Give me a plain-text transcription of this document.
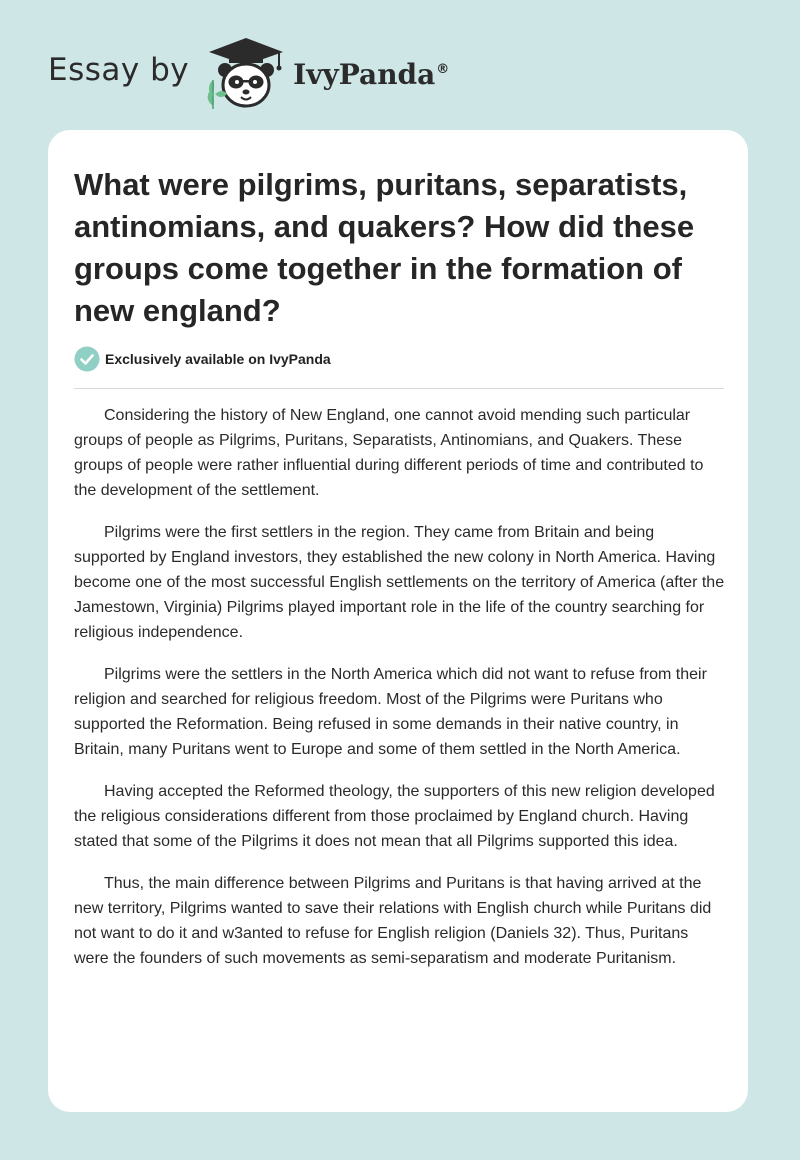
Essay by	IvyPanda®
What were pilgrims, puritans, separatists, antinomians, and quakers? How did these groups come together in the formation of new england?
Exclusively available on IvyPanda

Considering the history of New England, one cannot avoid mending such particular groups of people as Pilgrims, Puritans, Separatists, Antinomians, and Quakers. These groups of people were rather influential during different periods of time and contributed to the development of the settlement.

Pilgrims were the first settlers in the region. They came from Britain and being supported by England investors, they established the new colony in North America. Having become one of the most successful English settlements on the territory of America (after the Jamestown, Virginia) Pilgrims played important role in the life of the country searching for religious independence.

Pilgrims were the settlers in the North America which did not want to refuse from their religion and searched for religious freedom. Most of the Pilgrims were Puritans who supported the Reformation. Being refused in some demands in their native country, in Britain, many Puritans went to Europe and some of them settled in the North America.

Having accepted the Reformed theology, the supporters of this new religion developed the religious considerations different from those proclaimed by England church. Having stated that some of the Pilgrims it does not mean that all Pilgrims supported this idea.

Thus, the main difference between Pilgrims and Puritans is that having arrived at the new territory, Pilgrims wanted to save their relations with English church while Puritans did not want to do it and w3anted to refuse for English religion (Daniels 32). Thus, Puritans were the founders of such movements as semi-separatism and moderate Puritanism.
